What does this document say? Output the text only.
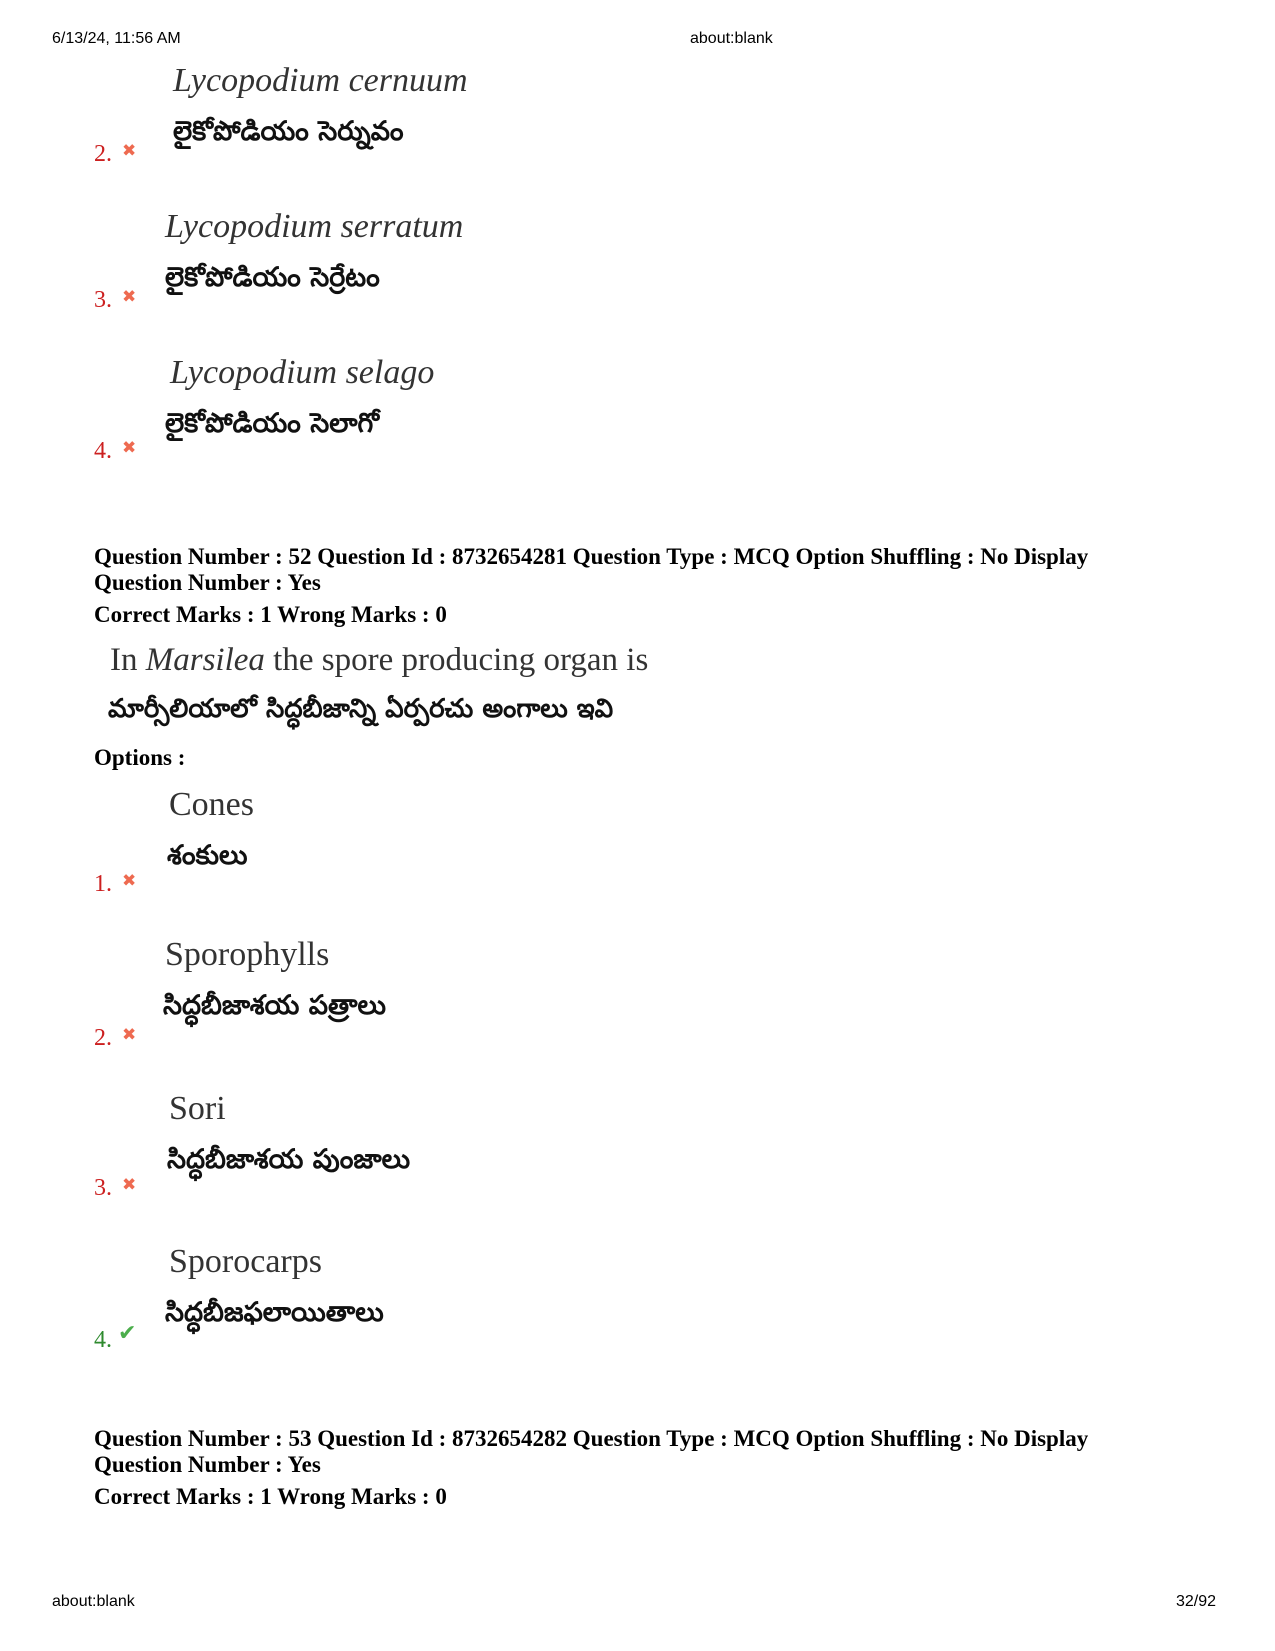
6/13/24, 11:56 AM	about:blank
Lycopodium cernuum
లైకోపోడియం సెర్నువం
2. ✖
Lycopodium serratum
లైకోపోడియం సెర్రేటం
3. ✖
Lycopodium selago
లైకోపోడియం సెలాగో
4. ✖
Question Number : 52 Question Id : 8732654281 Question Type : MCQ Option Shuffling : No Display
Question Number : Yes
Correct Marks : 1 Wrong Marks : 0
In Marsilea the spore producing organ is
మార్సీలియాలో సిద్ధబీజాన్ని ఏర్పరచు అంగాలు ఇవి
Options :
Cones
శంకులు
1. ✖
Sporophylls
సిద్ధబీజాశయ పత్రాలు
2. ✖
Sori
సిద్ధబీజాశయ పుంజాలు
3. ✖
Sporocarps
సిద్ధబీజఫలాయితాలు
4. ✔
Question Number : 53 Question Id : 8732654282 Question Type : MCQ Option Shuffling : No Display
Question Number : Yes
Correct Marks : 1 Wrong Marks : 0
about:blank	32/92
